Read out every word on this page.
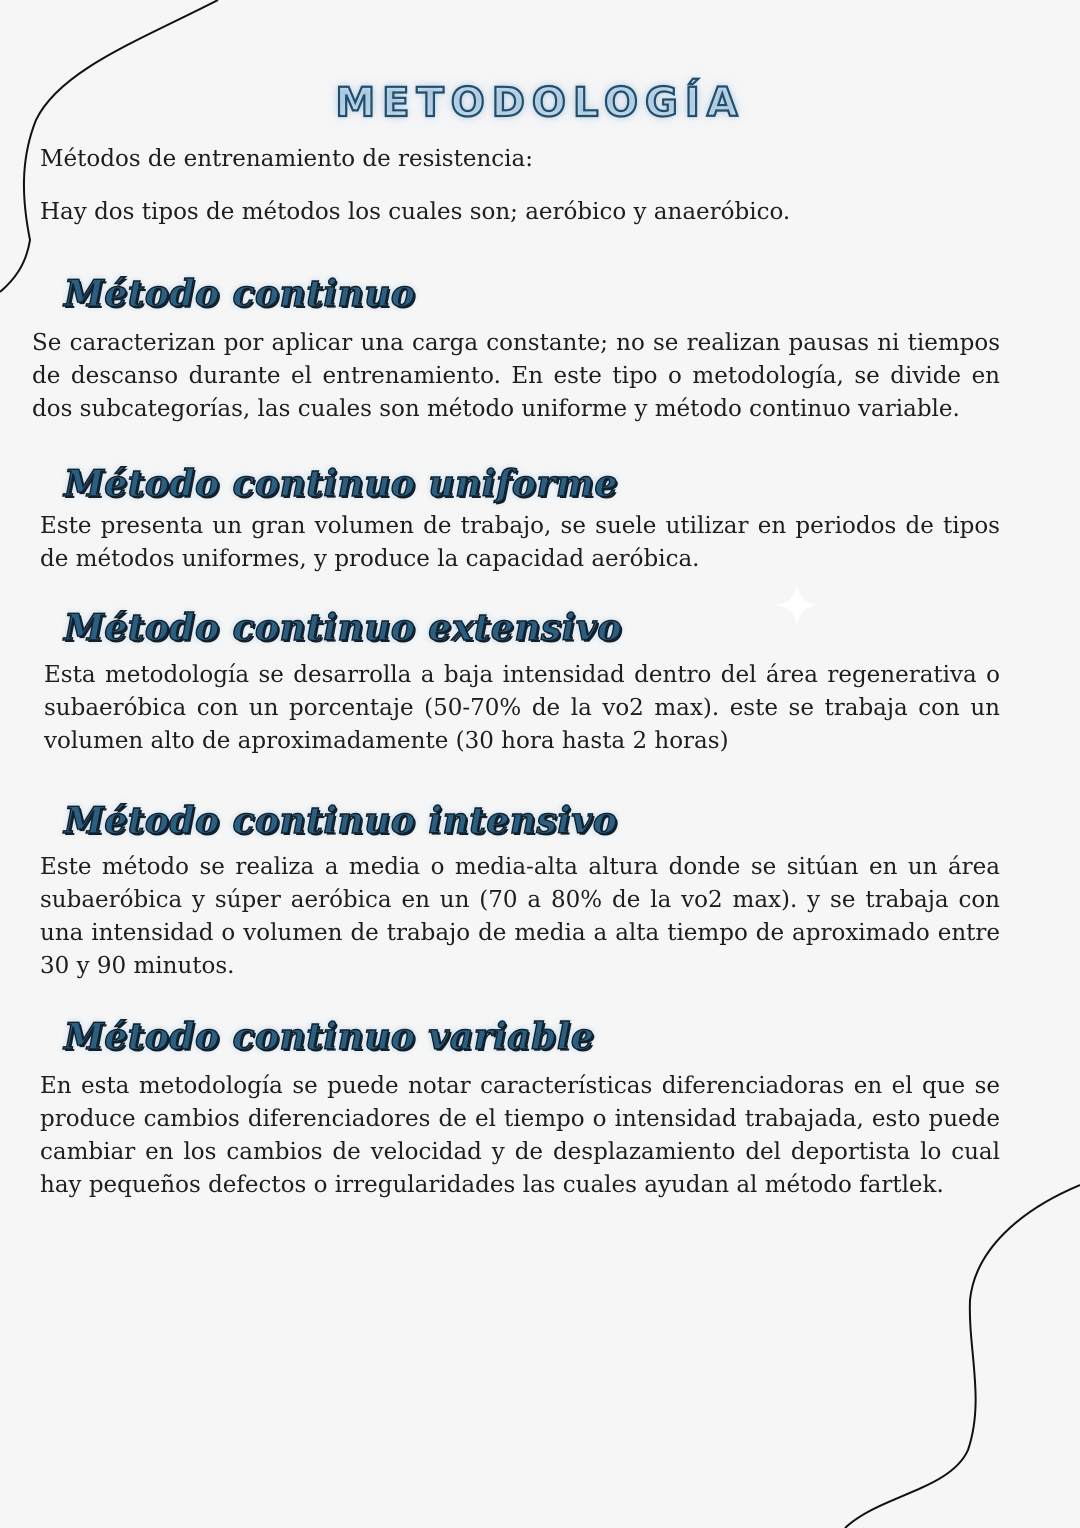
METODOLOGÍA

Métodos de entrenamiento de resistencia:

Hay dos tipos de métodos los cuales son; aeróbico y anaeróbico.

Método continuo

Se caracterizan por aplicar una carga constante; no se realizan pausas ni tiempos de descanso durante el entrenamiento. En este tipo o metodología, se divide en dos subcategorías, las cuales son método uniforme y método continuo variable.

Método continuo uniforme

Este presenta un gran volumen de trabajo, se suele utilizar en periodos de tipos de métodos uniformes, y produce la capacidad aeróbica.

Método continuo extensivo

Esta metodología se desarrolla a baja intensidad dentro del área regenerativa o subaeróbica con un porcentaje (50-70% de la vo2 max). este se trabaja con un volumen alto de aproximadamente (30 hora hasta 2 horas)

Método continuo intensivo

Este método se realiza a media o media-alta altura donde se sitúan en un área subaeróbica y súper aeróbica en un (70 a 80% de la vo2 max). y se trabaja con una intensidad o volumen de trabajo de media a alta tiempo de aproximado entre 30 y 90 minutos.

Método continuo variable

En esta metodología se puede notar características diferenciadoras en el que se produce cambios diferenciadores de el tiempo o intensidad trabajada, esto puede cambiar en los cambios de velocidad y de desplazamiento del deportista lo cual hay pequeños defectos o irregularidades las cuales ayudan al método fartlek.
